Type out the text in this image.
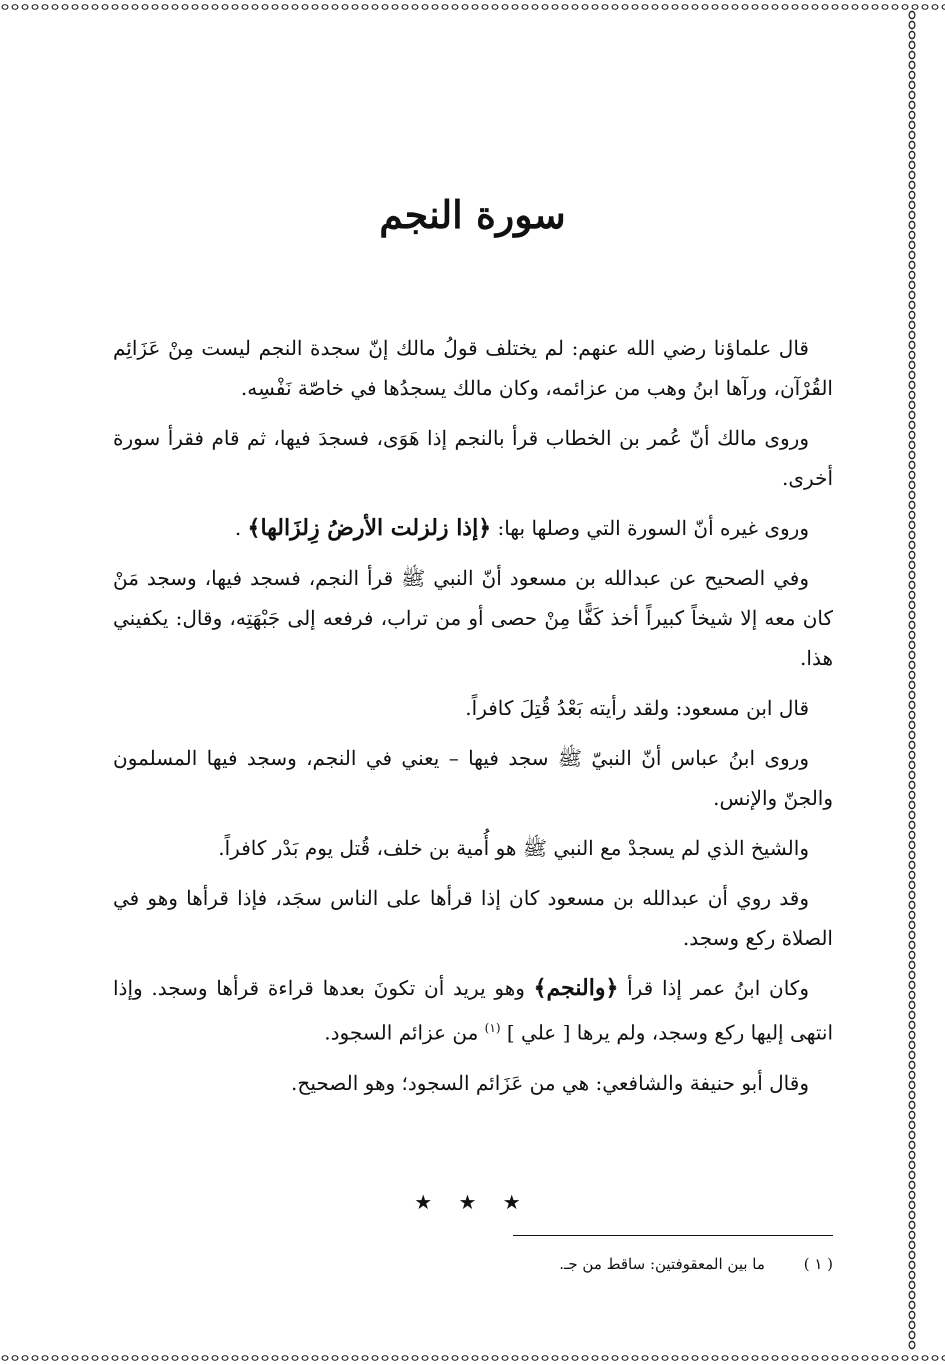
سورة النجم

قال علماؤنا رضي الله عنهم: لم يختلف قولُ مالك إنّ سجدة النجم ليست مِنْ عَزَائِم القُرْآن، ورآها ابنُ وهب من عزائمه، وكان مالك يسجدُها في خاصّة نَفْسِه.

وروى مالك أنّ عُمر بن الخطاب قرأ بالنجم إذا هَوَى، فسجدَ فيها، ثم قام فقرأ سورة أخرى.

وروى غيره أنّ السورة التي وصلها بها: ﴿إذا زلزلت الأرضُ زِلزَالها﴾ .

وفي الصحيح عن عبدالله بن مسعود أنّ النبي ﷺ قرأ النجم، فسجد فيها، وسجد مَنْ كان معه إلا شيخاً كبيراً أخذ كَفًّا مِنْ حصى أو من تراب، فرفعه إلى جَبْهَتِه، وقال: يكفيني هذا.

قال ابن مسعود: ولقد رأيته بَعْدُ قُتِلَ كافراً.

وروى ابنُ عباس أنّ النبيّ ﷺ سجد فيها – يعني في النجم، وسجد فيها المسلمون والجنّ والإنس.

والشيخ الذي لم يسجدْ مع النبي ﷺ هو أُمية بن خلف، قُتل يوم بَدْر كافراً.

وقد روي أن عبدالله بن مسعود كان إذا قرأها على الناس سجَد، فإذا قرأها وهو في الصلاة ركع وسجد.

وكان ابنُ عمر إذا قرأ ﴿والنجم﴾ وهو يريد أن تكونَ بعدها قراءة قرأها وسجد. وإذا انتهى إليها ركع وسجد، ولم يرها [ علي ] $^{(١)}$ من عزائم السجود.

وقال أبو حنيفة والشافعي: هي من عَزَائم السجود؛ وهو الصحيح.

★ ★ ★
( ١ ) ما بين المعقوفتين: ساقط من جـ.
